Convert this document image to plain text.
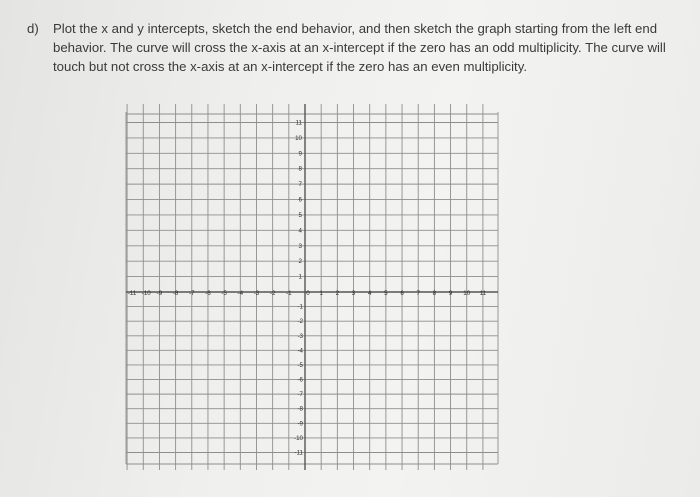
d) Plot the x and y intercepts, sketch the end behavior, and then sketch the graph starting from the left end behavior. The curve will cross the x-axis at an x-intercept if the zero has an odd multiplicity. The curve will touch but not cross the x-axis at an x-intercept if the zero has an even multiplicity.
-11 -10 -9 -8 -7 -6 -5 -4 -3 -2 -1 0 1 2 3 4 5 6 7 8 9 10 11
11
10
9
8
7
6
5
4
3
2
1
-1
-2
-3
-4
-5
-6
-7
-8
-9
-10
-11
